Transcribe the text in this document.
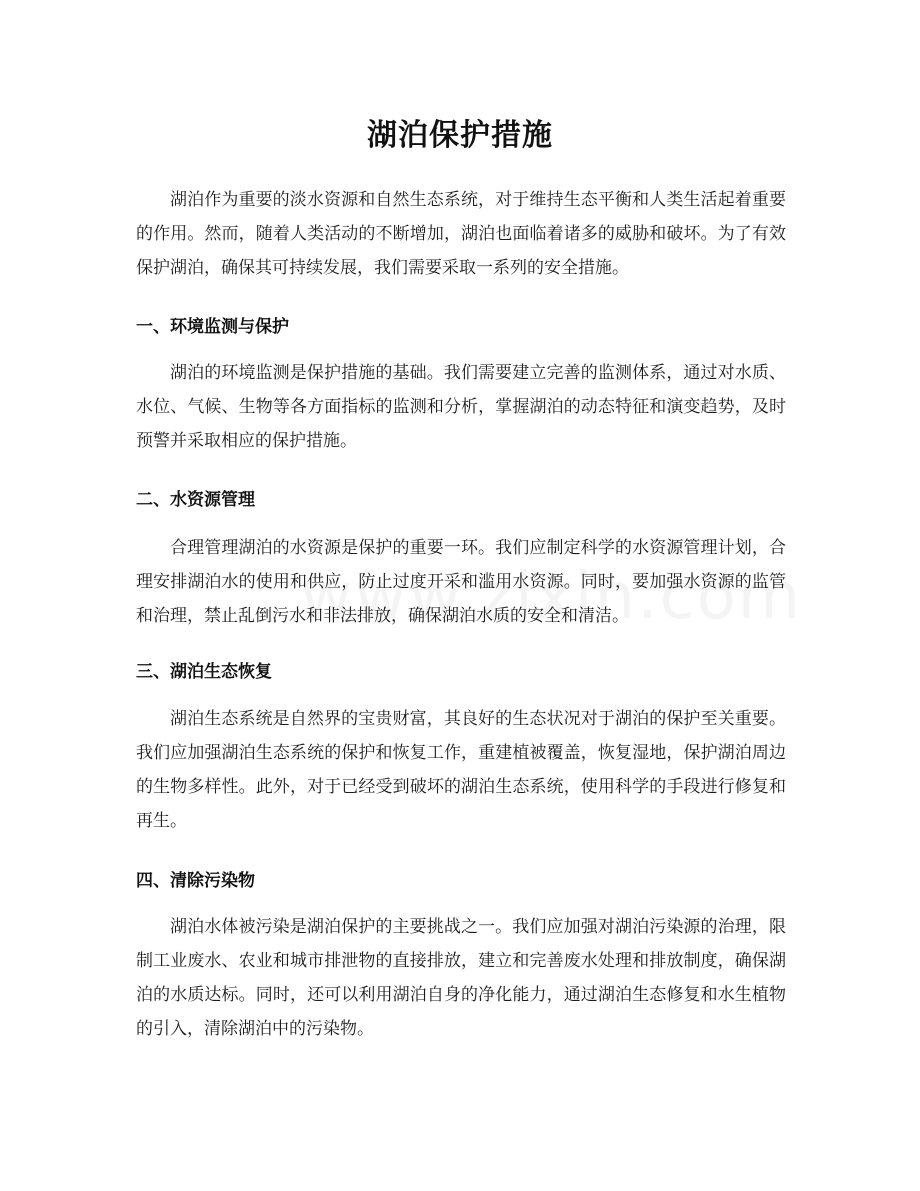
湖泊保护措施

湖泊作为重要的淡水资源和自然生态系统，对于维持生态平衡和人类生活起着重要的作用。然而，随着人类活动的不断增加，湖泊也面临着诸多的威胁和破坏。为了有效保护湖泊，确保其可持续发展，我们需要采取一系列的安全措施。

一、环境监测与保护

湖泊的环境监测是保护措施的基础。我们需要建立完善的监测体系，通过对水质、水位、气候、生物等各方面指标的监测和分析，掌握湖泊的动态特征和演变趋势，及时预警并采取相应的保护措施。

二、水资源管理

合理管理湖泊的水资源是保护的重要一环。我们应制定科学的水资源管理计划，合理安排湖泊水的使用和供应，防止过度开采和滥用水资源。同时，要加强水资源的监管和治理，禁止乱倒污水和非法排放，确保湖泊水质的安全和清洁。

三、湖泊生态恢复

湖泊生态系统是自然界的宝贵财富，其良好的生态状况对于湖泊的保护至关重要。我们应加强湖泊生态系统的保护和恢复工作，重建植被覆盖，恢复湿地，保护湖泊周边的生物多样性。此外，对于已经受到破坏的湖泊生态系统，使用科学的手段进行修复和再生。

四、清除污染物

湖泊水体被污染是湖泊保护的主要挑战之一。我们应加强对湖泊污染源的治理，限制工业废水、农业和城市排泄物的直接排放，建立和完善废水处理和排放制度，确保湖泊的水质达标。同时，还可以利用湖泊自身的净化能力，通过湖泊生态修复和水生植物的引入，清除湖泊中的污染物。
